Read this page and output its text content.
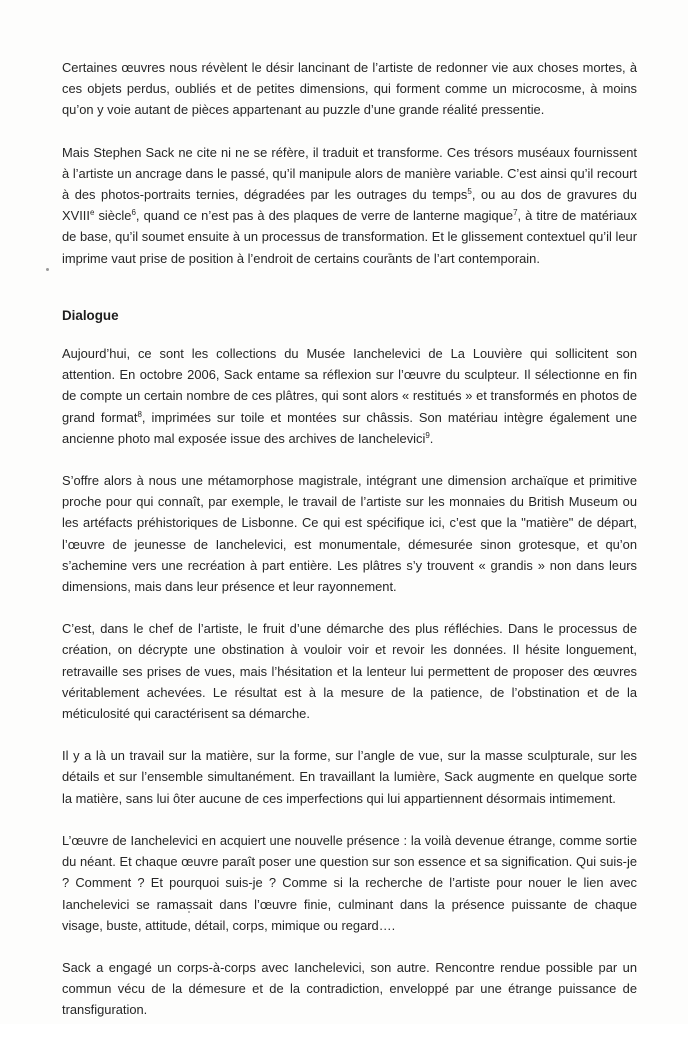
Certaines œuvres nous révèlent le désir lancinant de l’artiste de redonner vie aux choses mortes, à ces objets perdus, oubliés et de petites dimensions, qui forment comme un microcosme, à moins qu’on y voie autant de pièces appartenant au puzzle d’une grande réalité pressentie.

Mais Stephen Sack ne cite ni ne se réfère, il traduit et transforme. Ces trésors muséaux fournissent à l’artiste un ancrage dans le passé, qu’il manipule alors de manière variable. C’est ainsi qu’il recourt à des photos-portraits ternies, dégradées par les outrages du temps$^5$, ou au dos de gravures du XVIIIe siècle$^6$, quand ce n’est pas à des plaques de verre de lanterne magique$^7$, à titre de matériaux de base, qu’il soumet ensuite à un processus de transformation. Et le glissement contextuel qu’il leur imprime vaut prise de position à l’endroit de certains courants de l’art contemporain.

Dialogue

Aujourd’hui, ce sont les collections du Musée Ianchelevici de La Louvière qui sollicitent son attention. En octobre 2006, Sack entame sa réflexion sur l’œuvre du sculpteur. Il sélectionne en fin de compte un certain nombre de ces plâtres, qui sont alors « restitués » et transformés en photos de grand format$^8$, imprimées sur toile et montées sur châssis. Son matériau intègre également une ancienne photo mal exposée issue des archives de Ianchelevici$^9$.

S’offre alors à nous une métamorphose magistrale, intégrant une dimension archaïque et primitive proche pour qui connaît, par exemple, le travail de l’artiste sur les monnaies du British Museum ou les artéfacts préhistoriques de Lisbonne. Ce qui est spécifique ici, c’est que la "matière" de départ, l’œuvre de jeunesse de Ianchelevici, est monumentale, démesurée sinon grotesque, et qu’on s’achemine vers une recréation à part entière. Les plâtres s’y trouvent « grandis » non dans leurs dimensions, mais dans leur présence et leur rayonnement.

C’est, dans le chef de l’artiste, le fruit d’une démarche des plus réfléchies. Dans le processus de création, on décrypte une obstination à vouloir voir et revoir les données. Il hésite longuement, retravaille ses prises de vues, mais l’hésitation et la lenteur lui permettent de proposer des œuvres véritablement achevées. Le résultat est à la mesure de la patience, de l’obstination et de la méticulosité qui caractérisent sa démarche.

Il y a là un travail sur la matière, sur la forme, sur l’angle de vue, sur la masse sculpturale, sur les détails et sur l’ensemble simultanément. En travaillant la lumière, Sack augmente en quelque sorte la matière, sans lui ôter aucune de ces imperfections qui lui appartiennent désormais intimement.

L’œuvre de Ianchelevici en acquiert une nouvelle présence : la voilà devenue étrange, comme sortie du néant. Et chaque œuvre paraît poser une question sur son essence et sa signification. Qui suis-je ? Comment ? Et pourquoi suis-je ? Comme si la recherche de l’artiste pour nouer le lien avec Ianchelevici se ramassait dans l’œuvre finie, culminant dans la présence puissante de chaque visage, buste, attitude, détail, corps, mimique ou regard….

Sack a engagé un corps-à-corps avec Ianchelevici, son autre. Rencontre rendue possible par un commun vécu de la démesure et de la contradiction, enveloppé par une étrange puissance de transfiguration.
